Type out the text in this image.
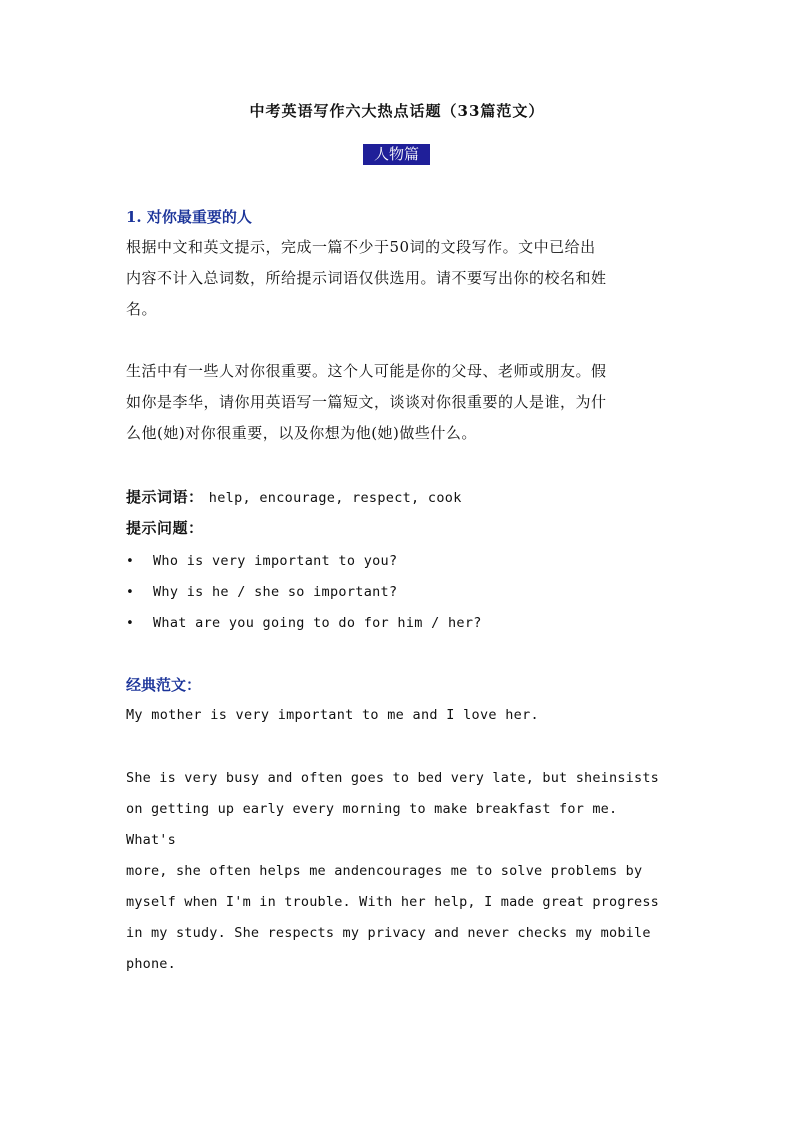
中考英语写作六大热点话题（33篇范文）
人物篇
1. 对你最重要的人
根据中文和英文提示，完成一篇不少于50词的文段写作。文中已给出
内容不计入总词数，所给提示词语仅供选用。请不要写出你的校名和姓
名。
生活中有一些人对你很重要。这个人可能是你的父母、老师或朋友。假
如你是李华，请你用英语写一篇短文，谈谈对你很重要的人是谁，为什
么他(她)对你很重要，以及你想为他(她)做些什么。
提示词语： help, encourage, respect, cook
提示问题：
• Who is very important to you?
• Why is he / she so important?
• What are you going to do for him / her?
经典范文：
My mother is very important to me and I love her.
She is very busy and often goes to bed very late, but sheinsists
on getting up early every morning to make breakfast for me. What's
more, she often helps me andencourages me to solve problems by
myself when I'm in trouble. With her help, I made great progress
in my study. She respects my privacy and never checks my mobile
phone.
